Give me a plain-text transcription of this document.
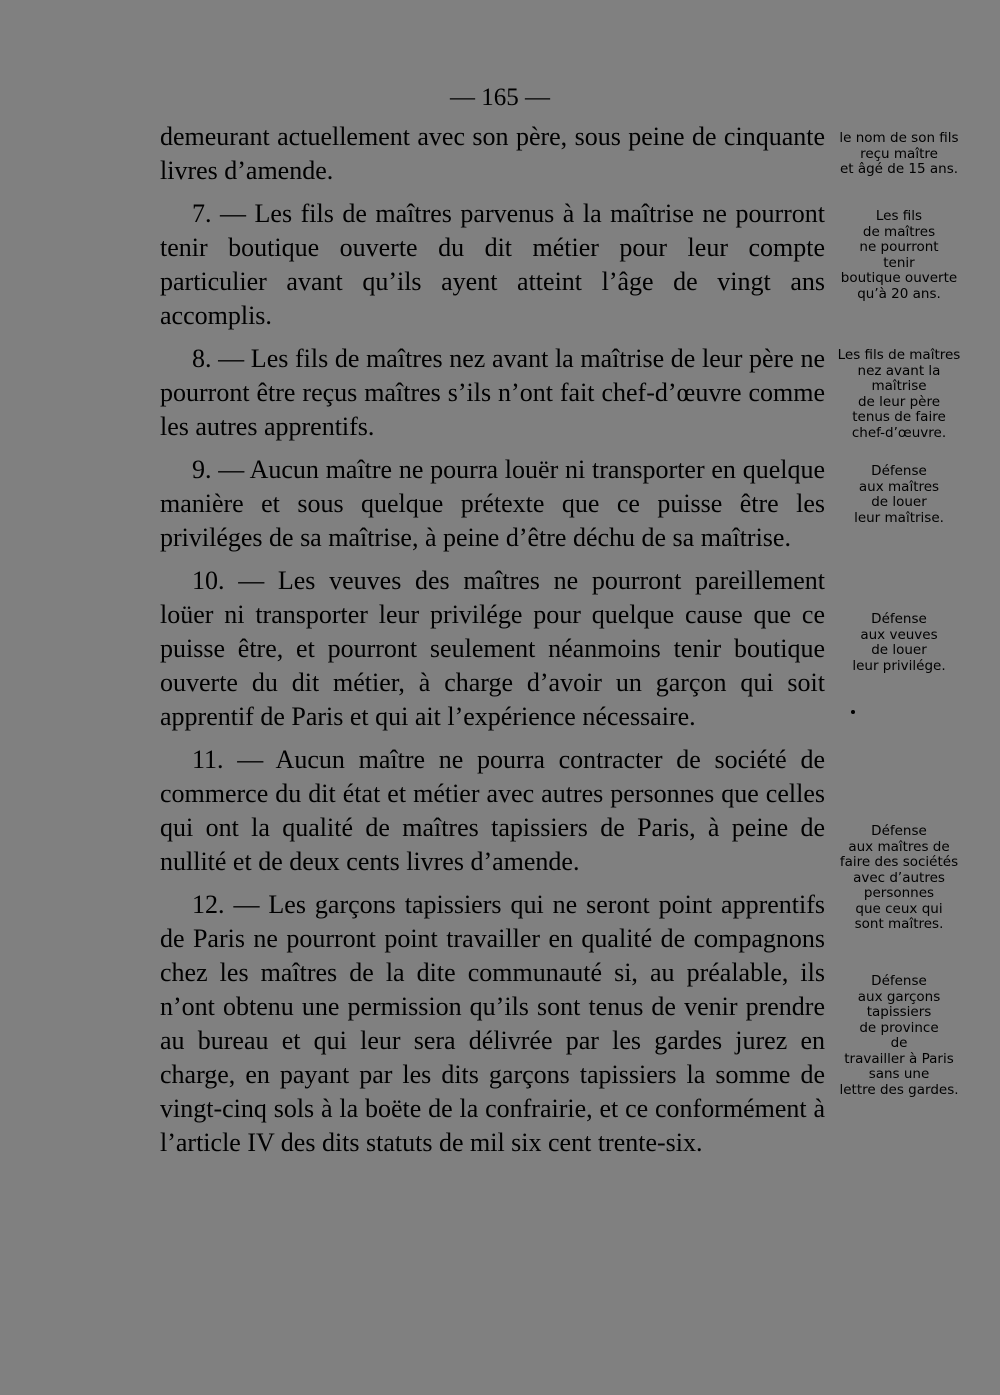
— 165 —

demeurant actuellement avec son père, sous peine de cinquante livres d’amende.

7. — Les fils de maîtres parvenus à la maîtrise ne pourront tenir boutique ouverte du dit métier pour leur compte particulier avant qu’ils ayent atteint l’âge de vingt ans accomplis.

8. — Les fils de maîtres nez avant la maîtrise de leur père ne pourront être reçus maîtres s’ils n’ont fait chef-d’œuvre comme les autres apprentifs.

9. — Aucun maître ne pourra louër ni transporter en quelque manière et sous quelque prétexte que ce puisse être les priviléges de sa maîtrise, à peine d’être déchu de sa maîtrise.

10. — Les veuves des maîtres ne pourront pareillement loüer ni transporter leur privilége pour quelque cause que ce puisse être, et pourront seulement néanmoins tenir boutique ouverte du dit métier, à charge d’avoir un garçon qui soit apprentif de Paris et qui ait l’expérience nécessaire.

11. — Aucun maître ne pourra contracter de société de commerce du dit état et métier avec autres personnes que celles qui ont la qualité de maîtres tapissiers de Paris, à peine de nullité et de deux cents livres d’amende.

12. — Les garçons tapissiers qui ne seront point apprentifs de Paris ne pourront point travailler en qualité de compagnons chez les maîtres de la dite communauté si, au préalable, ils n’ont obtenu une permission qu’ils sont tenus de venir prendre au bureau et qui leur sera délivrée par les gardes jurez en charge, en payant par les dits garçons tapissiers la somme de vingt-cinq sols à la boëte de la confrairie, et ce conformément à l’article IV des dits statuts de mil six cent trente-six.

le nom de son fils
reçu maître
et âgé de 15 ans.

Les fils
de maîtres
ne pourront
tenir
boutique ouverte
qu’à 20 ans.

Les fils de maîtres
nez avant la maîtrise
de leur père
tenus de faire
chef-d’œuvre.

Défense
aux maîtres
de louer
leur maîtrise.

Défense
aux veuves
de louer
leur privilége.

Défense
aux maîtres de
faire des sociétés
avec d’autres
personnes
que ceux qui
sont maîtres.

Défense
aux garçons
tapissiers
de province
de
travailler à Paris
sans une
lettre des gardes.
